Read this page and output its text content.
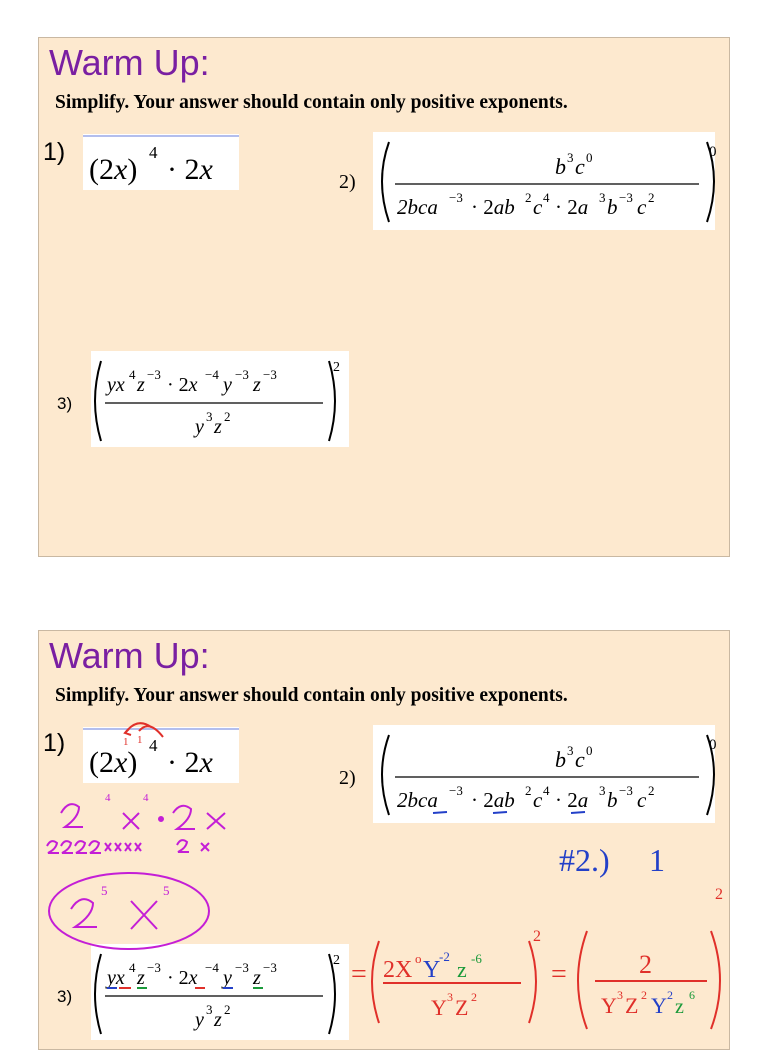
Warm Up:
Simplify. Your answer should contain only positive exponents.
1)
(2x)
4
· 2x	2)
0
b 3 c 0
2bca −3 · 2ab 2 c 4 · 2a 3 b −3 c 2
3)
2
yx 4 z −3 · 2x −4 y −3 z −3
y 3 z 2
Warm Up:
Simplify. Your answer should contain only positive exponents.
1)
(2x)
4
· 2x	2)
0
b 3 c 0
2bca −3 · 2ab 2 c 4 · 2a 3 b −3 c 2
3)
2
yx 4 z −3 · 2x −4 y −3 z −3
y 3 z 2
1 1
4	4
5	5
#2.) 1
=
2
2X o Y
-2
z -6
Y 3 Z 2
=
2
2
Y 3 Z 2 Y 2
z
6
